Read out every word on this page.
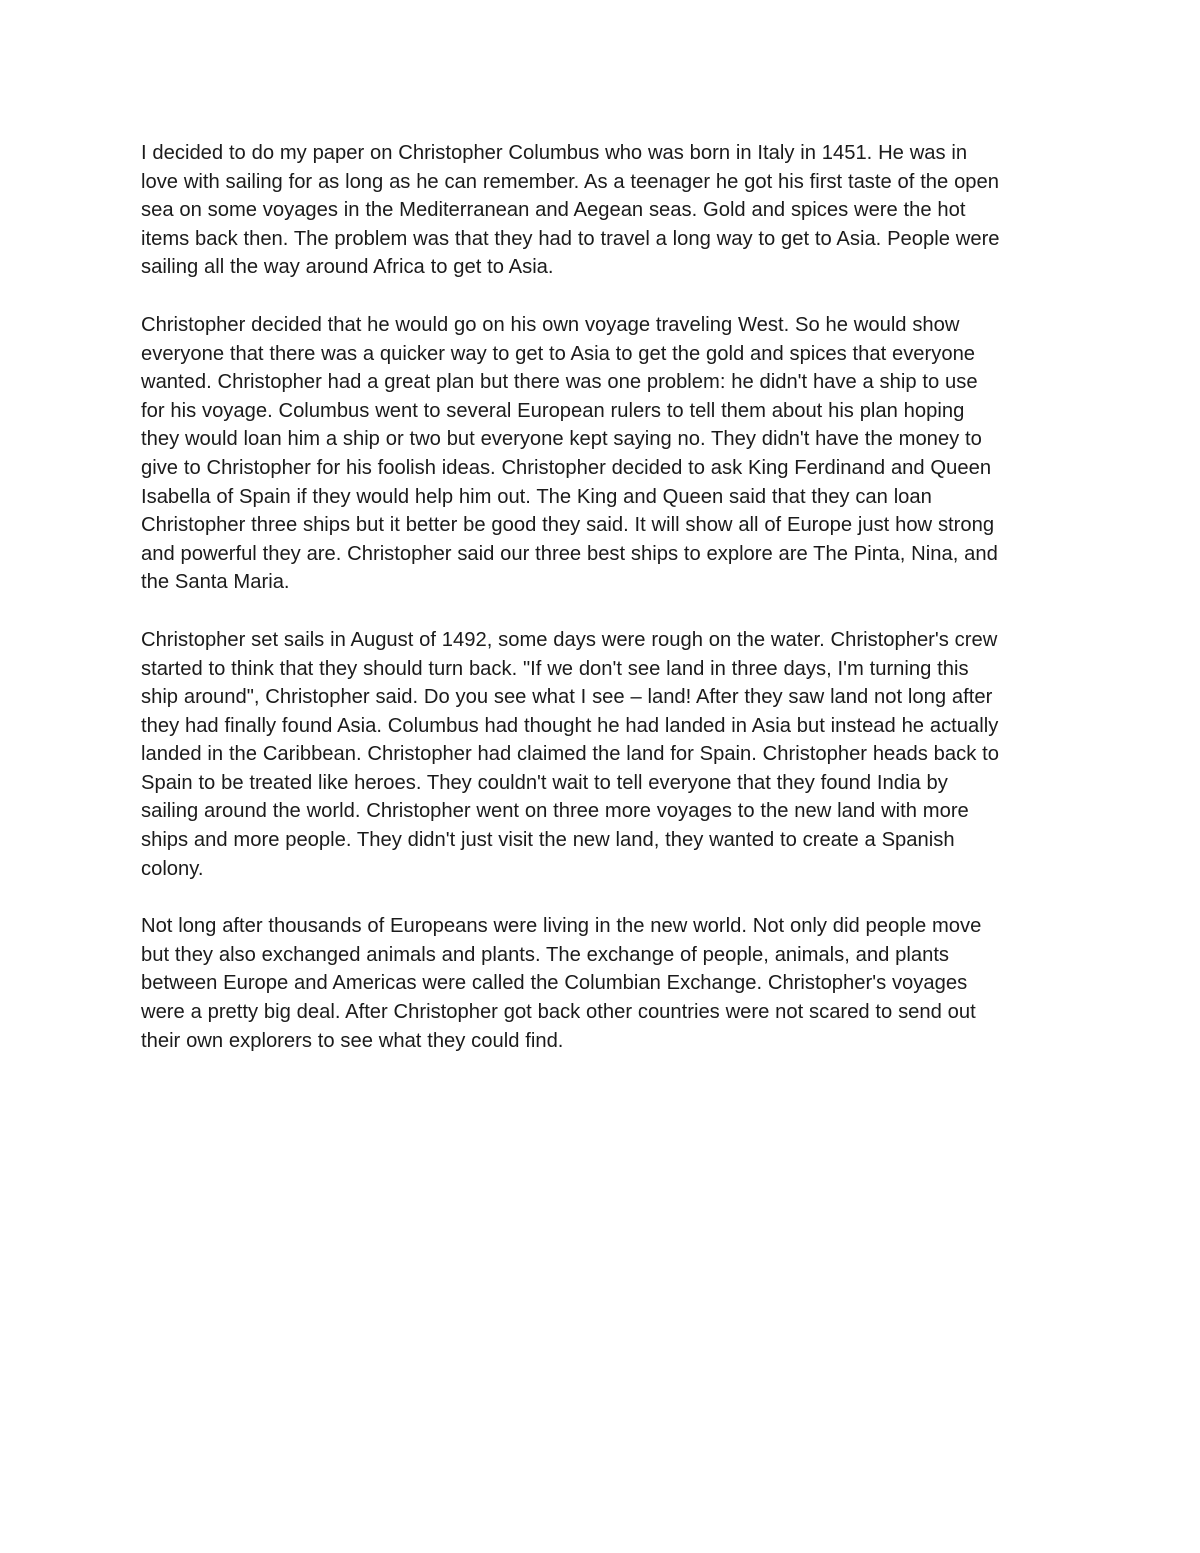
I decided to do my paper on Christopher Columbus who was born in Italy in 1451. He was in
love with sailing for as long as he can remember. As a teenager he got his first taste of the open
sea on some voyages in the Mediterranean and Aegean seas. Gold and spices were the hot
items back then. The problem was that they had to travel a long way to get to Asia. People were
sailing all the way around Africa to get to Asia.

Christopher decided that he would go on his own voyage traveling West. So he would show
everyone that there was a quicker way to get to Asia to get the gold and spices that everyone
wanted. Christopher had a great plan but there was one problem: he didn't have a ship to use
for his voyage. Columbus went to several European rulers to tell them about his plan hoping
they would loan him a ship or two but everyone kept saying no. They didn't have the money to
give to Christopher for his foolish ideas. Christopher decided to ask King Ferdinand and Queen
Isabella of Spain if they would help him out. The King and Queen said that they can loan
Christopher three ships but it better be good they said. It will show all of Europe just how strong
and powerful they are. Christopher said our three best ships to explore are The Pinta, Nina, and
the Santa Maria.

Christopher set sails in August of 1492, some days were rough on the water. Christopher's crew
started to think that they should turn back. "If we don't see land in three days, I'm turning this
ship around", Christopher said. Do you see what I see – land! After they saw land not long after
they had finally found Asia. Columbus had thought he had landed in Asia but instead he actually
landed in the Caribbean. Christopher had claimed the land for Spain. Christopher heads back to
Spain to be treated like heroes. They couldn't wait to tell everyone that they found India by
sailing around the world. Christopher went on three more voyages to the new land with more
ships and more people. They didn't just visit the new land, they wanted to create a Spanish
colony.

Not long after thousands of Europeans were living in the new world. Not only did people move
but they also exchanged animals and plants. The exchange of people, animals, and plants
between Europe and Americas were called the Columbian Exchange. Christopher's voyages
were a pretty big deal. After Christopher got back other countries were not scared to send out
their own explorers to see what they could find.
